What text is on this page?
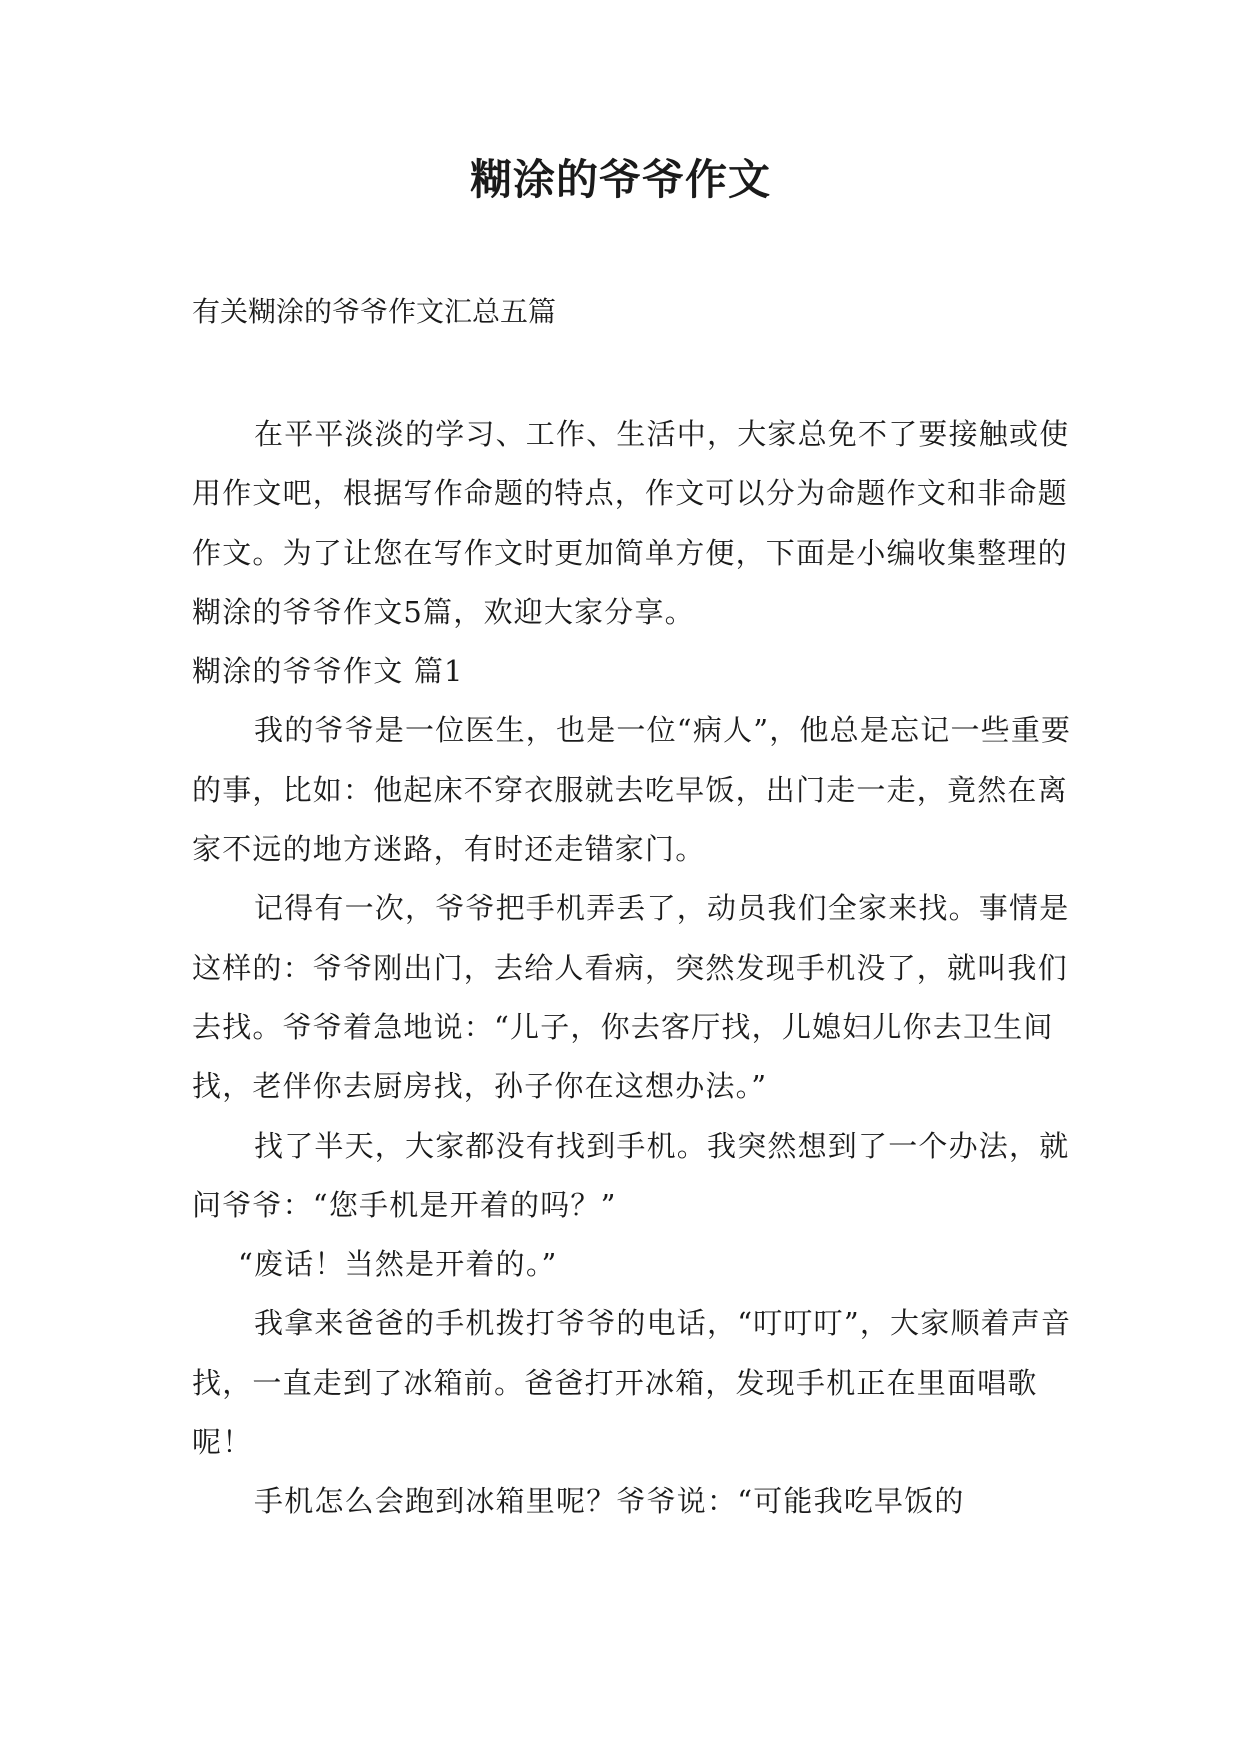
糊涂的爷爷作文
有关糊涂的爷爷作文汇总五篇

在平平淡淡的学习、工作、生活中，大家总免不了要接触或使用作文吧，根据写作命题的特点，作文可以分为命题作文和非命题作文。为了让您在写作文时更加简单方便，下面是小编收集整理的糊涂的爷爷作文5篇，欢迎大家分享。

糊涂的爷爷作文 篇1

我的爷爷是一位医生，也是一位“病人”，他总是忘记一些重要的事，比如：他起床不穿衣服就去吃早饭，出门走一走，竟然在离家不远的地方迷路，有时还走错家门。

记得有一次，爷爷把手机弄丢了，动员我们全家来找。事情是这样的：爷爷刚出门，去给人看病，突然发现手机没了，就叫我们去找。爷爷着急地说：“儿子，你去客厅找，儿媳妇儿你去卫生间找，老伴你去厨房找，孙子你在这想办法。”

找了半天，大家都没有找到手机。我突然想到了一个办法，就问爷爷：“您手机是开着的吗？”

“废话！当然是开着的。”

我拿来爸爸的手机拨打爷爷的电话，“叮叮叮”，大家顺着声音找，一直走到了冰箱前。爸爸打开冰箱，发现手机正在里面唱歌呢！

手机怎么会跑到冰箱里呢？爷爷说：“可能我吃早饭的
